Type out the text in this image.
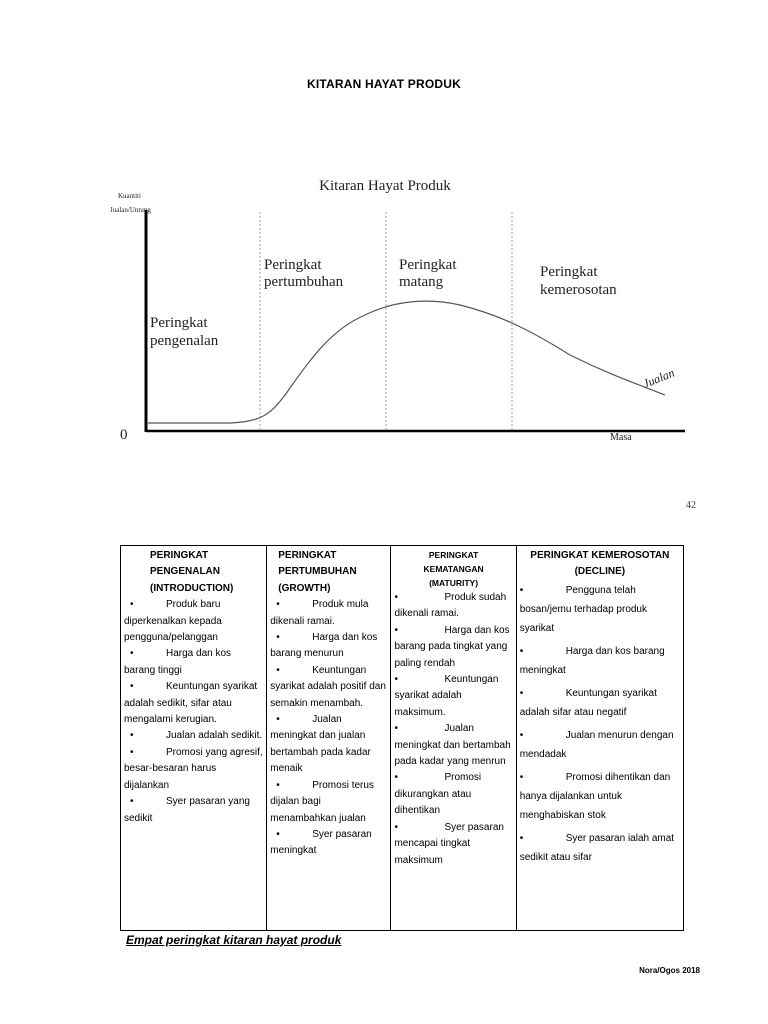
KITARAN HAYAT PRODUK
Kitaran Hayat Produk
Kuantiti
Jualan/Untung
0	Masa
Jualan
Peringkat
pengenalan
Peringkat
pertumbuhan
Peringkat
matang
Peringkat
kemerosotan
42
PERINGKAT
PENGENALAN
(INTRODUCTION)
•	Produk baru diperkenalkan kepada pengguna/pelanggan
•	Harga dan kos barang tinggi
•	Keuntungan syarikat adalah sedikit, sifar atau mengalami kerugian.
•	Jualan adalah sedikit.
•	Promosi yang agresif, besar-besaran harus dijalankan
•	Syer pasaran yang sedikit

PERINGKAT
PERTUMBUHAN
(GROWTH)
•	Produk mula dikenali ramai.
•	Harga dan kos barang menurun
•	Keuntungan syarikat adalah positif dan semakin menambah.
•	Jualan meningkat dan jualan bertambah pada kadar menaik
•	Promosi terus dijalan bagi menambahkan jualan
•	Syer pasaran meningkat

PERINGKAT
KEMATANGAN
(MATURITY)
•	Produk sudah dikenali ramai.
•	Harga dan kos barang pada tingkat yang paling rendah
•	Keuntungan syarikat adalah maksimum.
•	Jualan meningkat dan bertambah pada kadar yang menrun
•	Promosi dikurangkan atau dihentikan
•	Syer pasaran mencapai tingkat maksimum

PERINGKAT KEMEROSOTAN
(DECLINE)
•	Pengguna telah bosan/jemu terhadap produk syarikat
•	Harga dan kos barang meningkat
•	Keuntungan syarikat adalah sifar atau negatif
•	Jualan menurun dengan mendadak
•	Promosi dihentikan dan hanya dijalankan untuk menghabiskan stok
•	Syer pasaran ialah amat sedikit atau sifar
Empat peringkat kitaran hayat produk
Nora/Ogos 2018
